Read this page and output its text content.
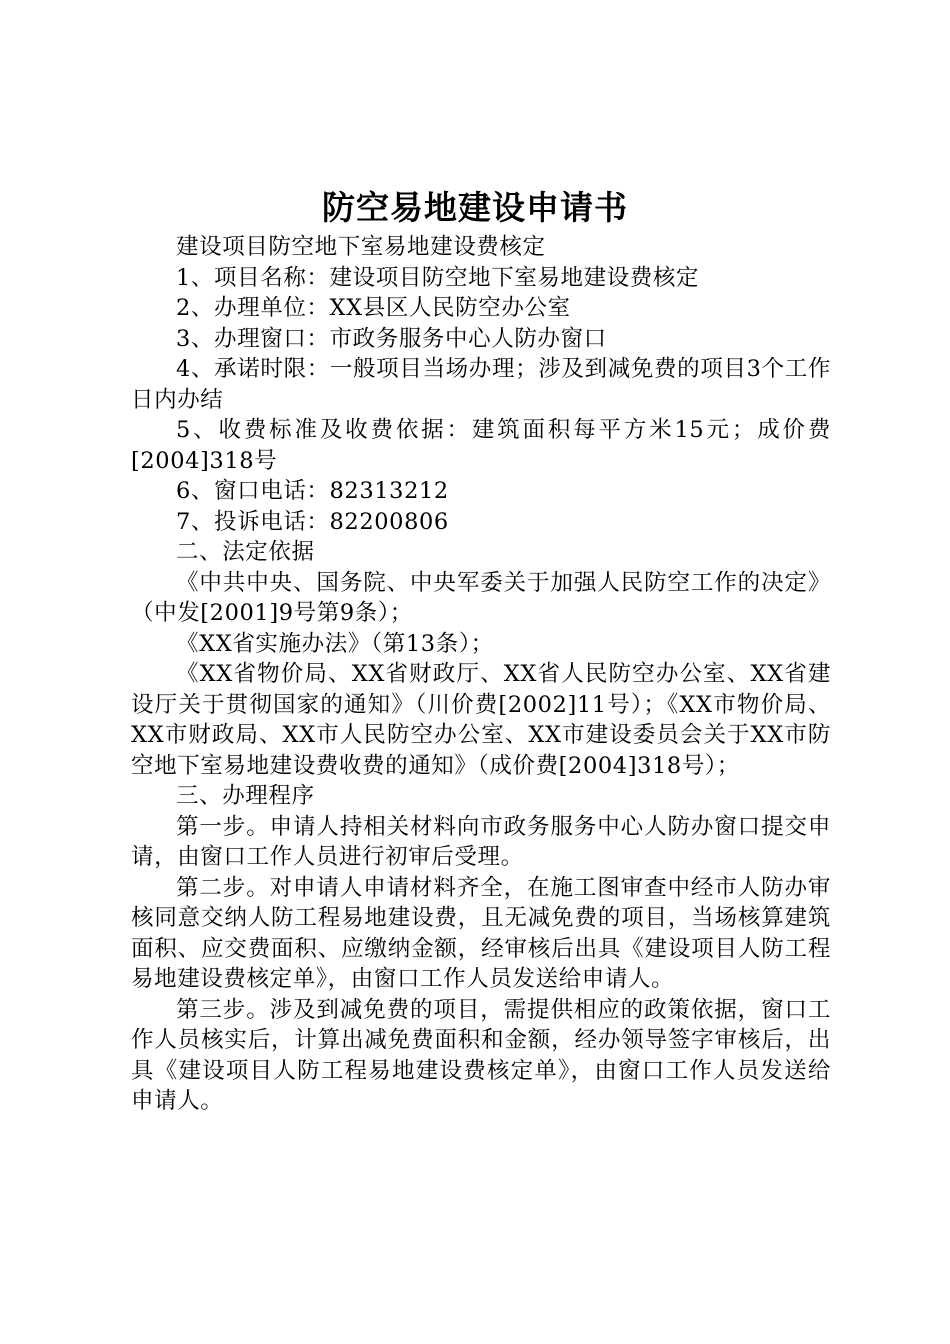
防空易地建设申请书

建设项目防空地下室易地建设费核定

1、项目名称：建设项目防空地下室易地建设费核定

2、办理单位：XX县区人民防空办公室

3、办理窗口：市政务服务中心人防办窗口

4、承诺时限：一般项目当场办理；涉及到减免费的项目3个工作日内办结

5、收费标准及收费依据：建筑面积每平方米15元；成价费[2004]318号

6、窗口电话：82313212

7、投诉电话：82200806

二、法定依据

《中共中央、国务院、中央军委关于加强人民防空工作的决定》（中发[2001]9号第9条）；

《XX省实施办法》（第13条）；

《XX省物价局、XX省财政厅、XX省人民防空办公室、XX省建设厅关于贯彻国家的通知》（川价费[2002]11号）；《XX市物价局、XX市财政局、XX市人民防空办公室、XX市建设委员会关于XX市防空地下室易地建设费收费的通知》（成价费[2004]318号）；

三、办理程序

第一步。申请人持相关材料向市政务服务中心人防办窗口提交申请，由窗口工作人员进行初审后受理。

第二步。对申请人申请材料齐全，在施工图审查中经市人防办审核同意交纳人防工程易地建设费，且无减免费的项目，当场核算建筑面积、应交费面积、应缴纳金额，经审核后出具《建设项目人防工程易地建设费核定单》，由窗口工作人员发送给申请人。

第三步。涉及到减免费的项目，需提供相应的政策依据，窗口工作人员核实后，计算出减免费面积和金额，经办领导签字审核后，出具《建设项目人防工程易地建设费核定单》，由窗口工作人员发送给申请人。
